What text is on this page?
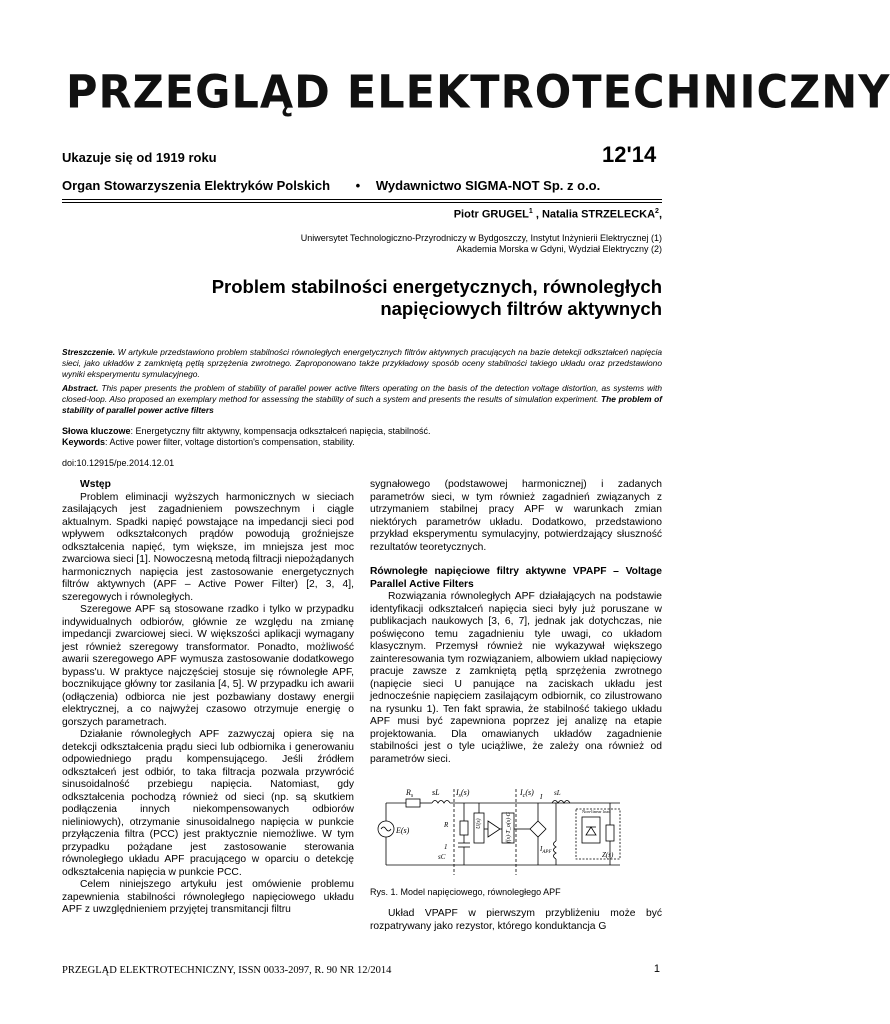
PRZEGLĄD ELEKTROTECHNICZNY
Ukazuje się od 1919 roku	12'14
Organ Stowarzyszenia Elektryków Polskich • Wydawnictwo SIGMA-NOT Sp. z o.o.
Piotr GRUGEL$^1$ , Natalia STRZELECKA$^2$,
Uniwersytet Technologiczno-Przyrodniczy w Bydgoszczy, Instytut Inżynierii Elektrycznej (1)
Akademia Morska w Gdyni, Wydział Elektryczny (2)
Problem stabilności energetycznych, równoległych napięciowych filtrów aktywnych
Streszczenie. W artykule przedstawiono problem stabilności równoległych energetycznych filtrów aktywnych pracujących na bazie detekcji odkształceń napięcia sieci, jako układów z zamkniętą pętlą sprzężenia zwrotnego. Zaproponowano także przykładowy sposób oceny stabilności takiego układu oraz przedstawiono wyniki eksperymentu symulacyjnego.
Abstract. This paper presents the problem of stability of parallel power active filters operating on the basis of the detection voltage distortion, as systems with closed-loop. Also proposed an exemplary method for assessing the stability of such a system and presents the results of simulation experiment. The problem of stability of parallel power active filters
Słowa kluczowe: Energetyczny filtr aktywny, kompensacja odkształceń napięcia, stabilność.
Keywords: Active power filter, voltage distortion's compensation, stability.
doi:10.12915/pe.2014.12.01
Wstęp

Problem eliminacji wyższych harmonicznych w sieciach zasilających jest zagadnieniem powszechnym i ciągle aktualnym. Spadki napięć powstające na impedancji sieci pod wpływem odkształconych prądów powodują groźniejsze odkształcenia napięć, tym większe, im mniejsza jest moc zwarciowa sieci [1]. Nowoczesną metodą filtracji niepożądanych harmonicznych napięcia jest zastosowanie energetycznych filtrów aktywnych (APF – Active Power Filter) [2, 3, 4], szeregowych i równoległych.

Szeregowe APF są stosowane rzadko i tylko w przypadku indywidualnych odbiorów, głównie ze względu na zmianę impedancji zwarciowej sieci. W większości aplikacji wymagany jest również szeregowy transformator. Ponadto, możliwość awarii szeregowego APF wymusza zastosowanie dodatkowego bypass'u. W praktyce najczęściej stosuje się równoległe APF, bocznikujące główny tor zasilania [4, 5]. W przypadku ich awarii (odłączenia) odbiorca nie jest pozbawiany dostawy energii elektrycznej, a co najwyżej czasowo otrzymuje energię o gorszych parametrach.

Działanie równoległych APF zazwyczaj opiera się na detekcji odkształcenia prądu sieci lub odbiornika i generowaniu odpowiedniego prądu kompensującego. Jeśli źródłem odkształceń jest odbiór, to taka filtracja pozwala przywrócić sinusoidalność przebiegu napięcia. Natomiast, gdy odkształcenia pochodzą również od sieci (np. są skutkiem podłączenia innych niekompensowanych odbiorów nieliniowych), otrzymanie sinusoidalnego napięcia w punkcie przyłączenia filtra (PCC) jest praktycznie niemożliwe. W tym przypadku pożądane jest zastosowanie sterowania równoległego układu APF pracującego w oparciu o detekcję odkształcenia napięcia w punkcie PCC.

Celem niniejszego artykułu jest omówienie problemu zapewnienia stabilności równoległego napięciowego układu APF z uwzględnieniem przyjętej transmitancji filtru

sygnałowego (podstawowej harmonicznej) i zadanych parametrów sieci, w tym również zagadnień związanych z utrzymaniem stabilnej pracy APF w warunkach zmian niektórych parametrów układu. Dodatkowo, przedstawiono przykład eksperymentu symulacyjny, potwierdzający słuszność rezultatów teoretycznych.

Równoległe napięciowe filtry aktywne VPAPF – Voltage Parallel Active Filters

Rozwiązania równoległych APF działających na podstawie identyfikacji odkształceń napięcia sieci były już poruszane w publikacjach naukowych [3, 6, 7], jednak jak dotychczas, nie poświęcono temu zagadnieniu tyle uwagi, co układom klasycznym. Przemysł również nie wykazywał większego zainteresowania tym rozwiązaniem, albowiem układ napięciowy pracuje zawsze z zamkniętą pętlą sprzężenia zwrotnego (napięcie sieci U panujące na zaciskach układu jest jednocześnie napięciem zasilającym odbiornik, co zilustrowano na rysunku 1). Ten fakt sprawia, że stabilność takiego układu APF musi być zapewniona poprzez jej analizę na etapie projektowania. Dla omawianych układów zagadnienie stabilności jest o tyle uciążliwe, że zależy ona również od parametrów sieci.

$R_s$ sL $I_s(s)$	$I_c(s)$
R
E(s)
1
sC
U(s)	f(s)·T_o(s)·G
$I_{APF}$
sL
I
Z(s)
Non-linear load
Rys. 1. Model napięciowego, równoległego APF

Układ VPAPF w pierwszym przybliżeniu może być rozpatrywany jako rezystor, którego konduktancja G

PRZEGLĄD ELEKTROTECHNICZNY, ISSN 0033-2097, R. 90 NR 12/2014	1
